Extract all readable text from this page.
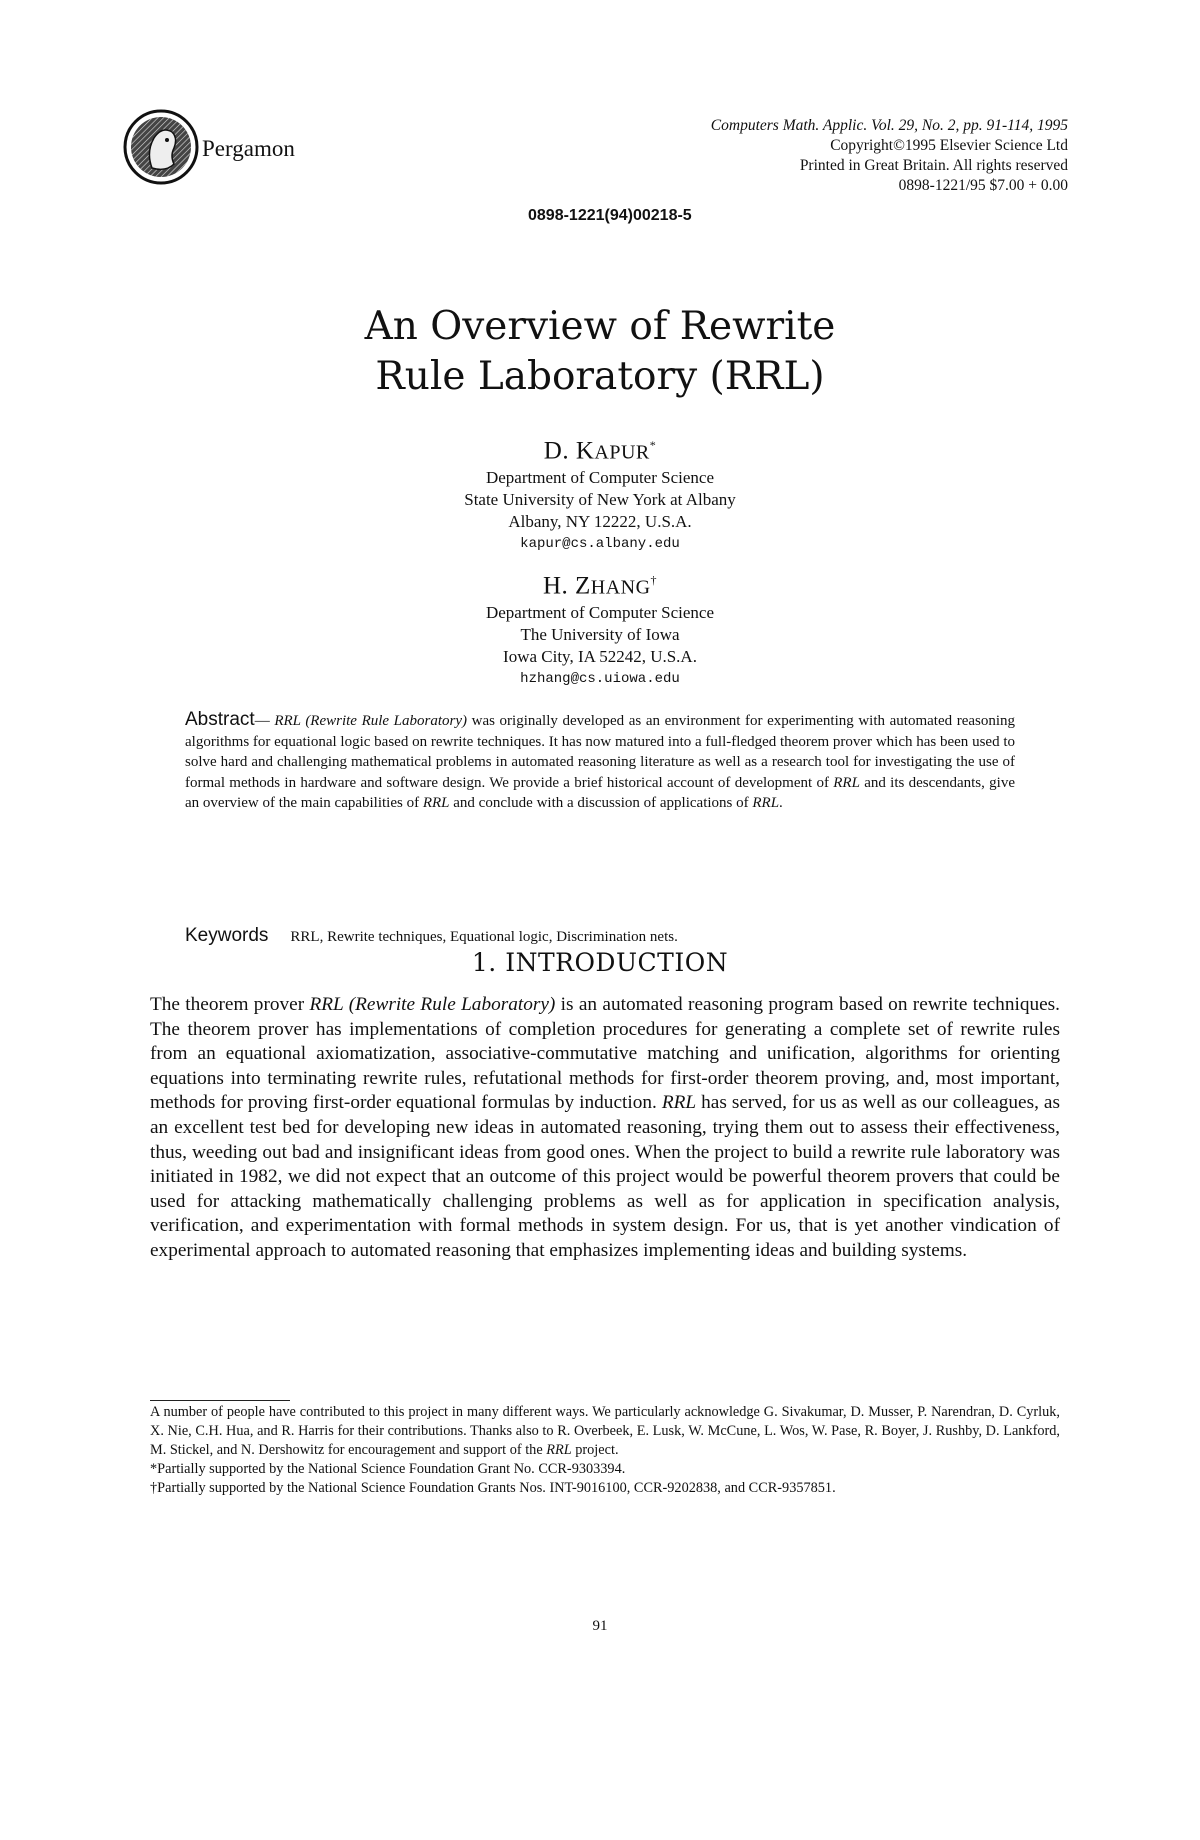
Pergamon
Computers Math. Applic. Vol. 29, No. 2, pp. 91-114, 1995
Copyright©1995 Elsevier Science Ltd
Printed in Great Britain. All rights reserved
0898-1221/95 $7.00 + 0.00
0898-1221(94)00218-5
An Overview of Rewrite
Rule Laboratory (RRL)
D. KAPUR*
Department of Computer Science
State University of New York at Albany
Albany, NY 12222, U.S.A.
kapur@cs.albany.edu
H. ZHANG†
Department of Computer Science
The University of Iowa
Iowa City, IA 52242, U.S.A.
hzhang@cs.uiowa.edu
Abstract— RRL (Rewrite Rule Laboratory) was originally developed as an environment for experimenting with automated reasoning algorithms for equational logic based on rewrite techniques. It has now matured into a full-fledged theorem prover which has been used to solve hard and challenging mathematical problems in automated reasoning literature as well as a research tool for investigating the use of formal methods in hardware and software design. We provide a brief historical account of development of RRL and its descendants, give an overview of the main capabilities of RRL and conclude with a discussion of applications of RRL.
Keywords RRL, Rewrite techniques, Equational logic, Discrimination nets.
1. INTRODUCTION
The theorem prover RRL (Rewrite Rule Laboratory) is an automated reasoning program based on rewrite techniques. The theorem prover has implementations of completion procedures for generating a complete set of rewrite rules from an equational axiomatization, associative-commutative matching and unification, algorithms for orienting equations into terminating rewrite rules, refutational methods for first-order theorem proving, and, most important, methods for proving first-order equational formulas by induction. RRL has served, for us as well as our colleagues, as an excellent test bed for developing new ideas in automated reasoning, trying them out to assess their effectiveness, thus, weeding out bad and insignificant ideas from good ones. When the project to build a rewrite rule laboratory was initiated in 1982, we did not expect that an outcome of this project would be powerful theorem provers that could be used for attacking mathematically challenging problems as well as for application in specification analysis, verification, and experimentation with formal methods in system design. For us, that is yet another vindication of experimental approach to automated reasoning that emphasizes implementing ideas and building systems.

A number of people have contributed to this project in many different ways. We particularly acknowledge G. Sivakumar, D. Musser, P. Narendran, D. Cyrluk, X. Nie, C.H. Hua, and R. Harris for their contributions. Thanks also to R. Overbeek, E. Lusk, W. McCune, L. Wos, W. Pase, R. Boyer, J. Rushby, D. Lankford, M. Stickel, and N. Dershowitz for encouragement and support of the RRL project.

*Partially supported by the National Science Foundation Grant No. CCR-9303394.

†Partially supported by the National Science Foundation Grants Nos. INT-9016100, CCR-9202838, and CCR-9357851.

91
